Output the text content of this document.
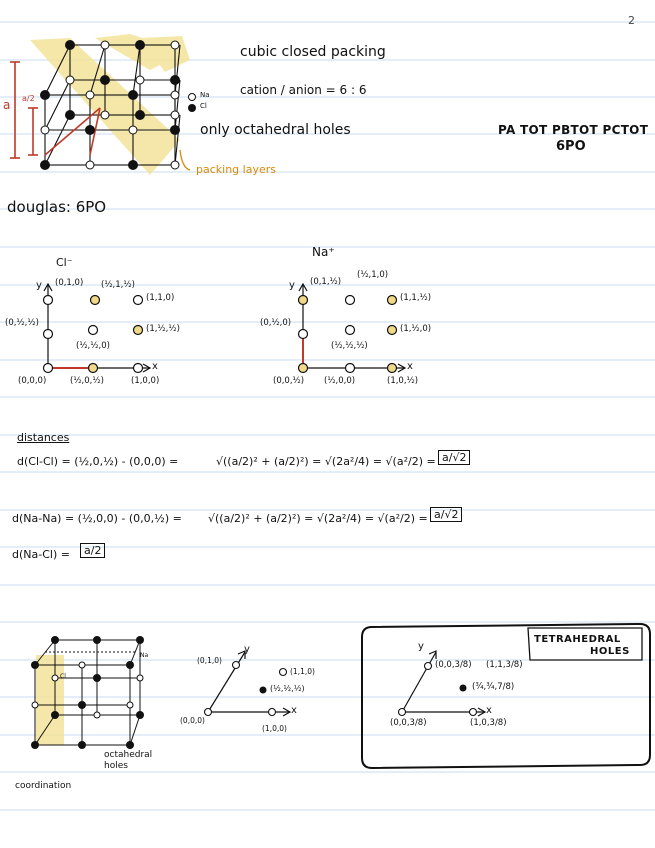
2
a a/2	Na
Cl
cubic closed packing
cation / anion = 6 : 6
only octahedral holes
packing layers
PA TOT PBTOT PCTOT
6PO
douglas: 6PO
Cl⁻
y
x
(0,1,0) (½,1,½)
(1,1,0)
(0,½,½)
(1,½,½)
(½,½,0)
(0,0,0)	(½,0,½)	(1,0,0)
Na⁺
y
x
(0,1,½)
(½,1,0)
(1,1,½)
(0,½,0)
(1,½,0)
(½,½,½)
(0,0,½) (½,0,0)	(1,0,½)
distances
d(Cl-Cl) = (½,0,½) - (0,0,0) =	√((a/2)² + (a/2)²) = √(2a²/4) = √(a²/2) = a/√2
d(Na-Na) = (½,0,0) - (0,0,½) = √((a/2)² + (a/2)²) = √(2a²/4) = √(a²/2) = a/√2
d(Na-Cl) =	a/2
Na
Cl
octahedral holes
coordination
y
x
(0,1,0)
(1,1,0)
(½,½,½)
(0,0,0)
(1,0,0)
TETRAHEDRAL
HOLES
y
x
(0,0,3/8) (1,1,3/8)
(¾,¾,7/8)
(0,0,3/8)	(1,0,3/8)
